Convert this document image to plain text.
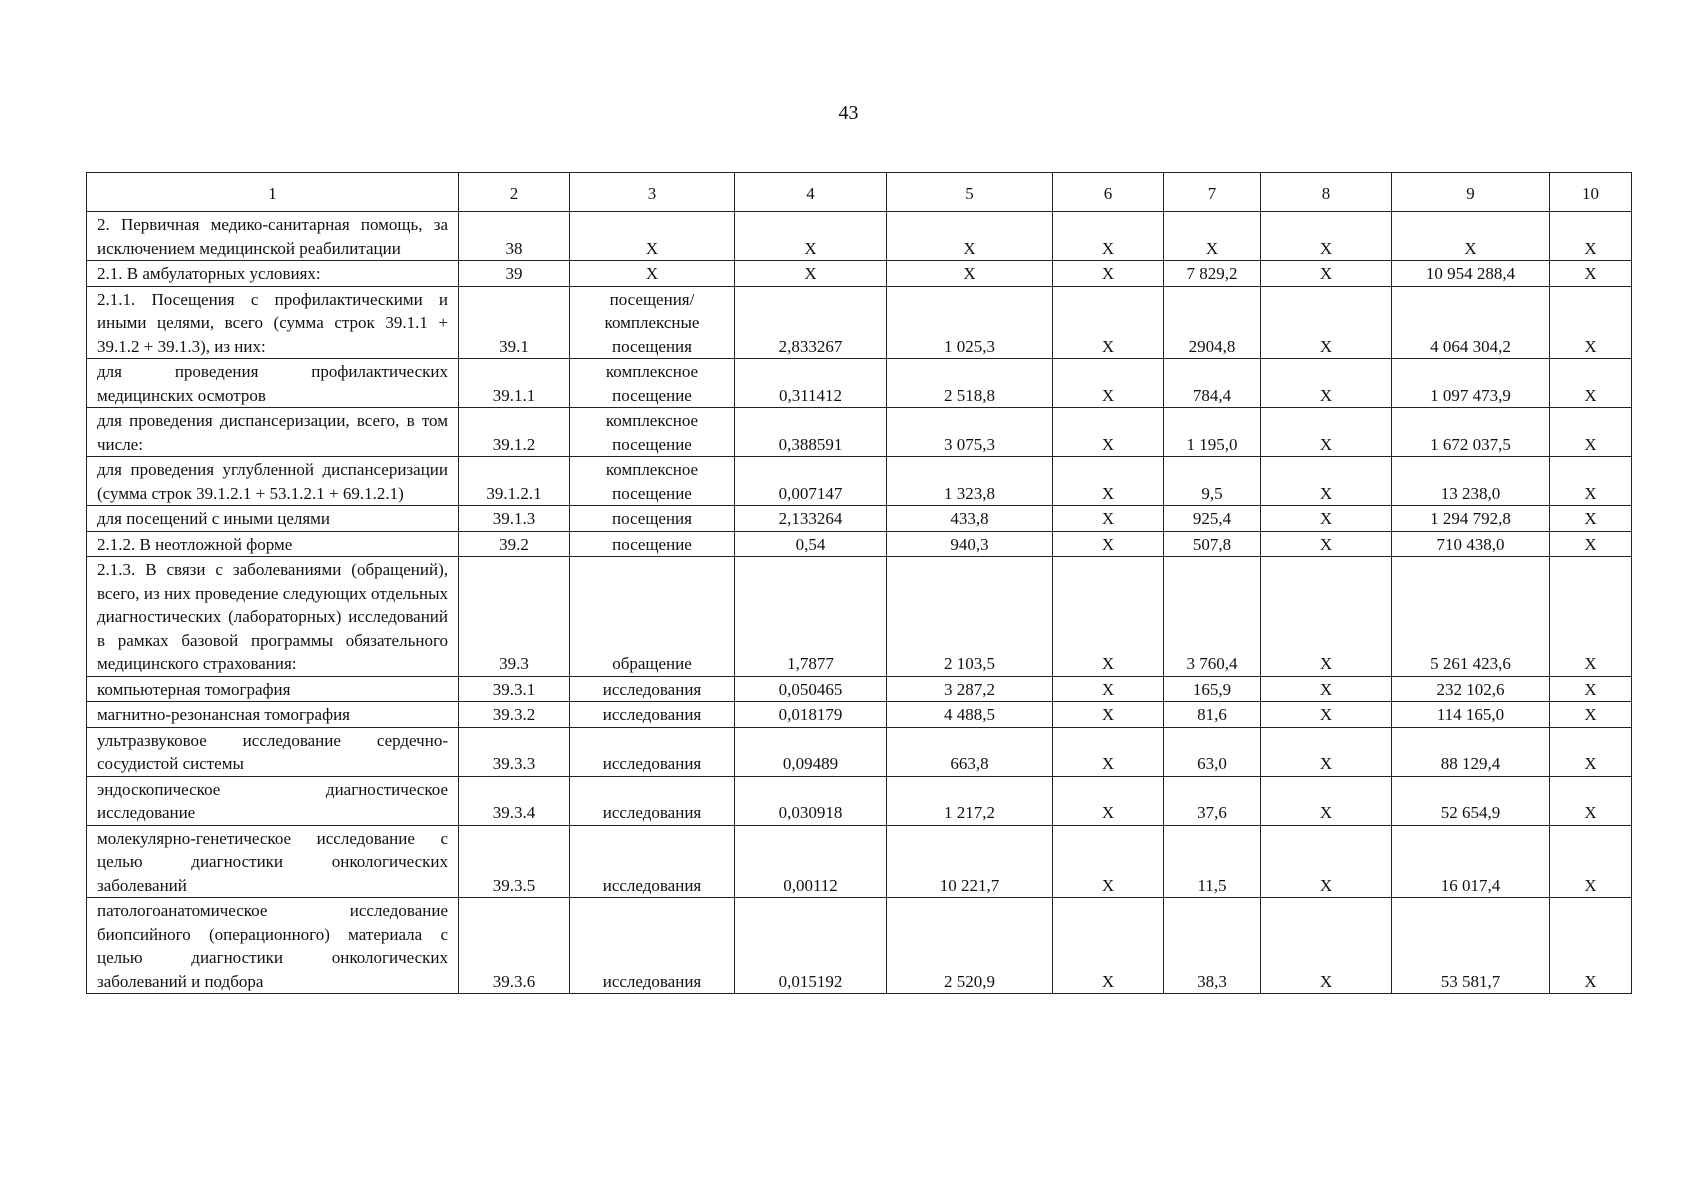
43
1	2	3	4	5	6	7	8	9	10
2. Первичная медико-санитарная помощь, за исключением медицинской реабилитации	38	Х	Х	Х	Х	Х	Х	Х	Х
2.1. В амбулаторных условиях:	39	Х	Х	Х	Х	7 829,2	Х	10 954 288,4	Х
2.1.1. Посещения с профилактическими и иными целями, всего (сумма строк 39.1.1 + 39.1.2 + 39.1.3), из них:	39.1	посещения/комплексные посещения	2,833267	1 025,3	Х	2904,8	Х	4 064 304,2	Х
для проведения профилактических медицинских осмотров	39.1.1	комплексное посещение	0,311412	2 518,8	Х	784,4	Х	1 097 473,9	Х
для проведения диспансеризации, всего, в том числе:	39.1.2	комплексное посещение	0,388591	3 075,3	Х	1 195,0	Х	1 672 037,5	Х
для проведения углубленной диспансеризации (сумма строк 39.1.2.1 + 53.1.2.1 + 69.1.2.1)	39.1.2.1	комплексное посещение	0,007147	1 323,8	Х	9,5	Х	13 238,0	Х
для посещений с иными целями	39.1.3	посещения	2,133264	433,8	Х	925,4	Х	1 294 792,8	Х
2.1.2. В неотложной форме	39.2	посещение	0,54	940,3	Х	507,8	Х	710 438,0	Х
2.1.3. В связи с заболеваниями (обращений), всего, из них проведение следующих отдельных диагностических (лабораторных) исследований в рамках базовой программы обязательного медицинского страхования:	39.3	обращение	1,7877	2 103,5	Х	3 760,4	Х	5 261 423,6	Х
компьютерная томография	39.3.1	исследования	0,050465	3 287,2	Х	165,9	Х	232 102,6	Х
магнитно-резонансная томография	39.3.2	исследования	0,018179	4 488,5	Х	81,6	Х	114 165,0	Х
ультразвуковое исследование сердечно-сосудистой системы	39.3.3	исследования	0,09489	663,8	Х	63,0	Х	88 129,4	Х
эндоскопическое диагностическое исследование	39.3.4	исследования	0,030918	1 217,2	Х	37,6	Х	52 654,9	Х
молекулярно-генетическое исследование с целью диагностики онкологических заболеваний	39.3.5	исследования	0,00112	10 221,7	Х	11,5	Х	16 017,4	Х
патологоанатомическое исследование биопсийного (операционного) материала с целью диагностики онкологических заболеваний и подбора	39.3.6	исследования	0,015192	2 520,9	Х	38,3	Х	53 581,7	Х
